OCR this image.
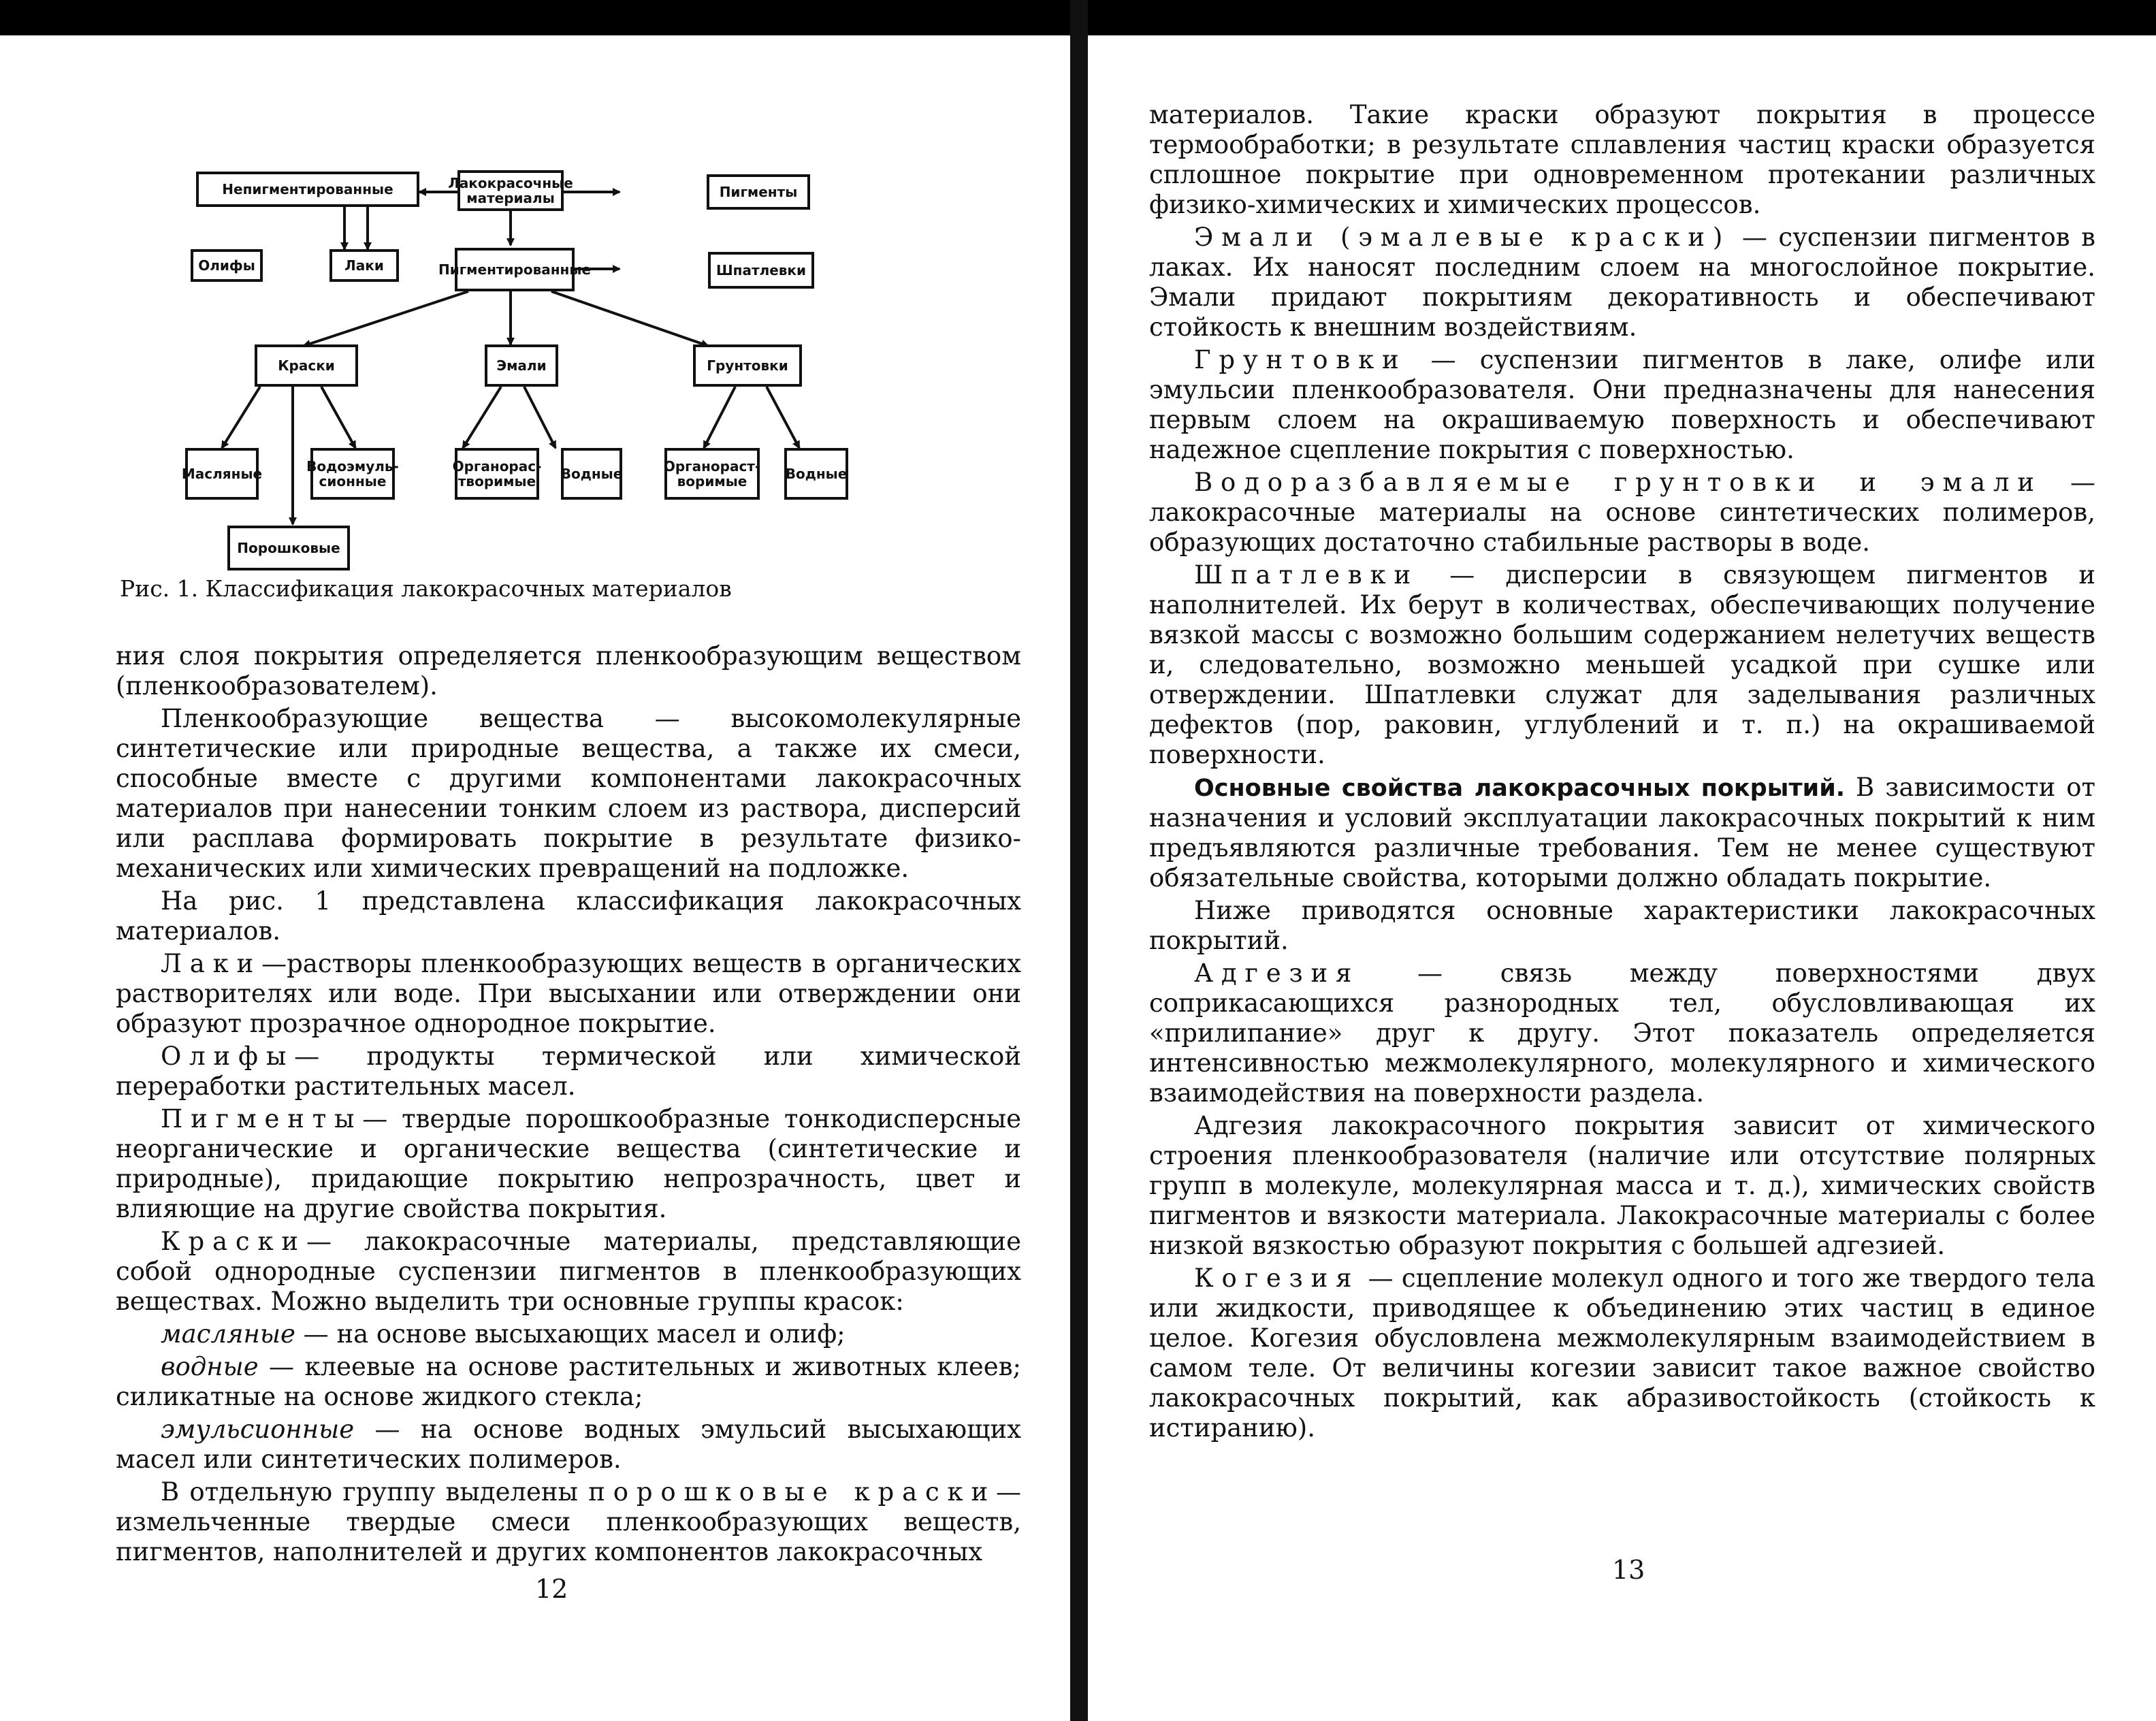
Лакокрасочные материалы
Непигментированные	Пигменты
Олифы	Лаки	Пигментированные	Шпатлевки
Краски	Эмали	Грунтовки
Масляные	Водоэмуль-сионные
Порошковые
Органорас-творимые Водные	Органораст-воримые	Водные
Рис. 1. Классификация лакокрасочных материалов

ния слоя покрытия определяется пленкообразующим веществом (пленкообразователем).

Пленкообразующие вещества — высокомолекулярные синтетические или природные вещества, а также их смеси, способные вместе с другими компонентами лакокрасочных материалов при нанесении тонким слоем из раствора, дисперсий или расплава формировать покрытие в результате физико-механических или химических превращений на подложке.

На рис. 1 представлена классификация лакокрасочных материалов.

Лаки—растворы пленкообразующих веществ в органических растворителях или воде. При высыхании или отверждении они образуют прозрачное однородное покрытие.

Олифы— продукты термической или химической переработки растительных масел.

Пигменты— твердые порошкообразные тонкодисперсные неорганические и органические вещества (синтетические и природные), придающие покрытию непрозрачность, цвет и влияющие на другие свойства покрытия.

Краски— лакокрасочные материалы, представляющие собой однородные суспензии пигментов в пленкообразующих веществах. Можно выделить три основные группы красок:

масляные — на основе высыхающих масел и олиф;

водные — клеевые на основе растительных и животных клеев; силикатные на основе жидкого стекла;

эмульсионные — на основе водных эмульсий высыхающих масел или синтетических полимеров.

В отдельную группу выделены порошковые краски— измельченные твердые смеси пленкообразующих веществ, пигментов, наполнителей и других компонентов лакокрасочных

12

материалов. Такие краски образуют покрытия в процессе термообработки; в результате сплавления частиц краски образуется сплошное покрытие при одновременном протекании различных физико-химических и химических процессов.

Эмали (эмалевые краски) — суспензии пигментов в лаках. Их наносят последним слоем на многослойное покрытие. Эмали придают покрытиям декоративность и обеспечивают стойкость к внешним воздействиям.

Грунтовки — суспензии пигментов в лаке, олифе или эмульсии пленкообразователя. Они предназначены для нанесения первым слоем на окрашиваемую поверхность и обеспечивают надежное сцепление покрытия с поверхностью.

Водоразбавляемые грунтовки и эмали — лакокрасочные материалы на основе синтетических полимеров, образующих достаточно стабильные растворы в воде.

Шпатлевки — дисперсии в связующем пигментов и наполнителей. Их берут в количествах, обеспечивающих получение вязкой массы с возможно большим содержанием нелетучих веществ и, следовательно, возможно меньшей усадкой при сушке или отверждении. Шпатлевки служат для заделывания различных дефектов (пор, раковин, углублений и т. п.) на окрашиваемой поверхности.

Основные свойства лакокрасочных покрытий. В зависимости от назначения и условий эксплуатации лакокрасочных покрытий к ним предъявляются различные требования. Тем не менее существуют обязательные свойства, которыми должно обладать покрытие.

Ниже приводятся основные характеристики лакокрасочных покрытий.

Адгезия — связь между поверхностями двух соприкасающихся разнородных тел, обусловливающая их «прилипание» друг к другу. Этот показатель определяется интенсивностью межмолекулярного, молекулярного и химического взаимодействия на поверхности раздела.

Адгезия лакокрасочного покрытия зависит от химического строения пленкообразователя (наличие или отсутствие полярных групп в молекуле, молекулярная масса и т. д.), химических свойств пигментов и вязкости материала. Лакокрасочные материалы с более низкой вязкостью образуют покрытия с большей адгезией.

Когезия — сцепление молекул одного и того же твердого тела или жидкости, приводящее к объединению этих частиц в единое целое. Когезия обусловлена межмолекулярным взаимодействием в самом теле. От величины когезии зависит такое важное свойство лакокрасочных покрытий, как абразивостойкость (стойкость к истиранию).

13
